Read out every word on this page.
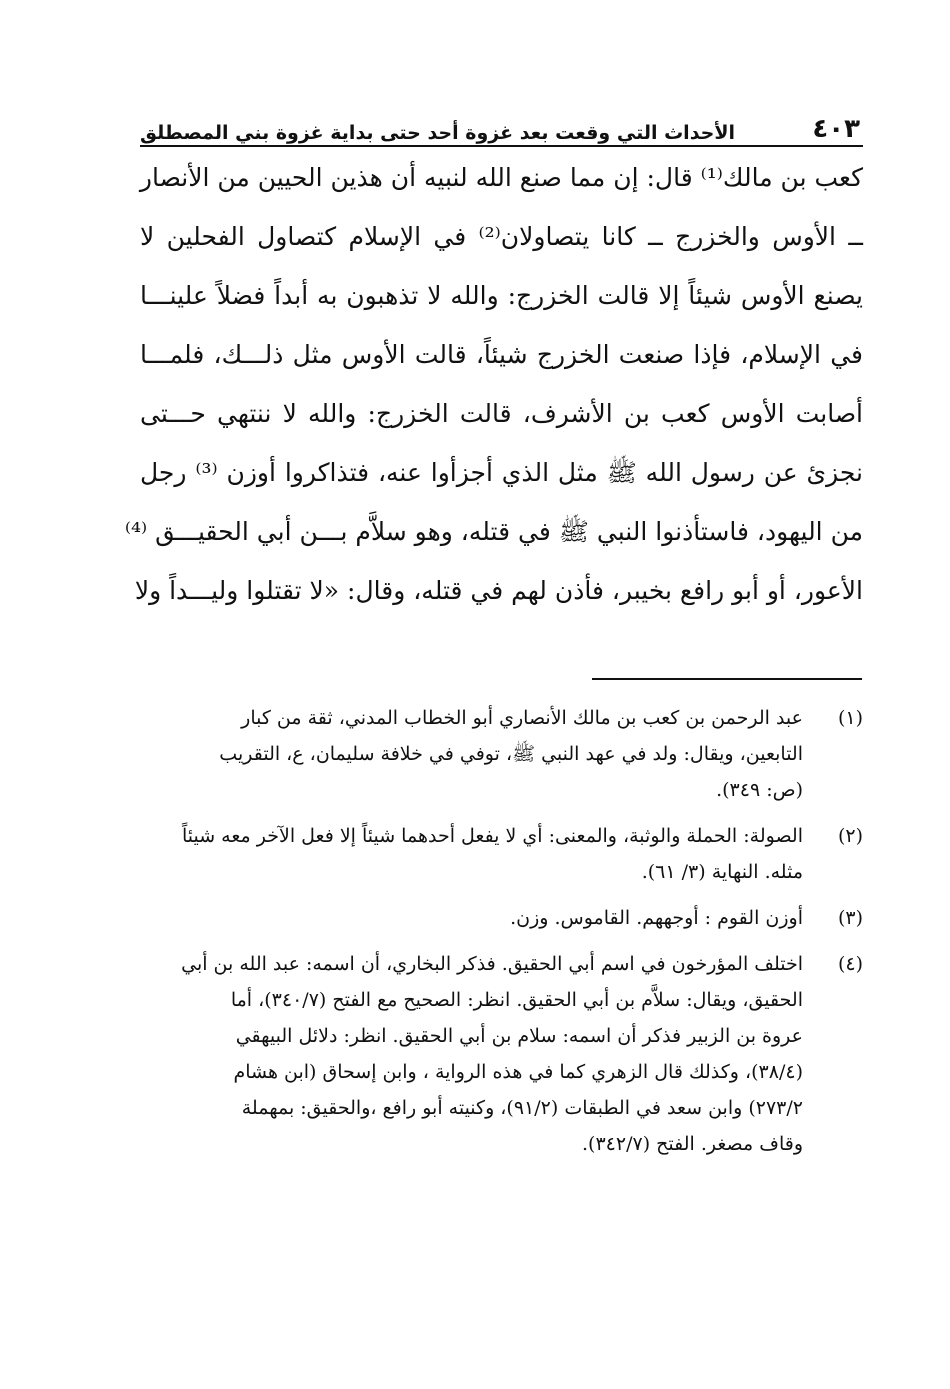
٤٠٣
الأحداث التي وقعت بعد غزوة أحد حتى بداية غزوة بني المصطلق
كعب بن مالك⁽¹⁾ قال: إن مما صنع الله لنبيه أن هذين الحيين من الأنصار
ــ الأوس والخزرج ــ كانا يتصاولان⁽²⁾ في الإسلام كتصاول الفحلين لا
يصنع الأوس شيئاً إلا قالت الخزرج: والله لا تذهبون به أبداً فضلاً علينـــا
في الإسلام، فإذا صنعت الخزرج شيئاً، قالت الأوس مثل ذلـــك، فلمـــا
أصابت الأوس كعب بن الأشرف، قالت الخزرج: والله لا ننتهي حـــتى
نجزئ عن رسول الله ﷺ مثل الذي أجزأوا عنه، فتذاكروا أوزن ⁽³⁾ رجل
من اليهود، فاستأذنوا النبي ﷺ في قتله، وهو سلاَّم بـــن أبي الحقيـــق ⁽⁴⁾
الأعور، أو أبو رافع بخيبر، فأذن لهم في قتله، وقال: «لا تقتلوا وليـــداً ولا
(١)
عبد الرحمن بن كعب بن مالك الأنصاري أبو الخطاب المدني، ثقة من كبار
التابعين، ويقال: ولد في عهد النبي ﷺ، توفي في خلافة سليمان، ع، التقريب
(ص: ٣٤٩).
(٢)
الصولة: الحملة والوثبة، والمعنى: أي لا يفعل أحدهما شيئاً إلا فعل الآخر معه شيئاً
مثله. النهاية (٣/ ٦١).
(٣)
أوزن القوم : أوجههم. القاموس. وزن.
(٤)
اختلف المؤرخون في اسم أبي الحقيق. فذكر البخاري، أن اسمه: عبد الله بن أبي
الحقيق، ويقال: سلاَّم بن أبي الحقيق. انظر: الصحيح مع الفتح (٣٤٠/٧)، أما
عروة بن الزبير فذكر أن اسمه: سلام بن أبي الحقيق. انظر: دلائل البيهقي
(٣٨/٤)، وكذلك قال الزهري كما في هذه الرواية ، وابن إسحاق (ابن هشام
٢٧٣/٢) وابن سعد في الطبقات (٩١/٢)، وكنيته أبو رافع ،والحقيق: بمهملة
وقاف مصغر. الفتح (٣٤٢/٧).
